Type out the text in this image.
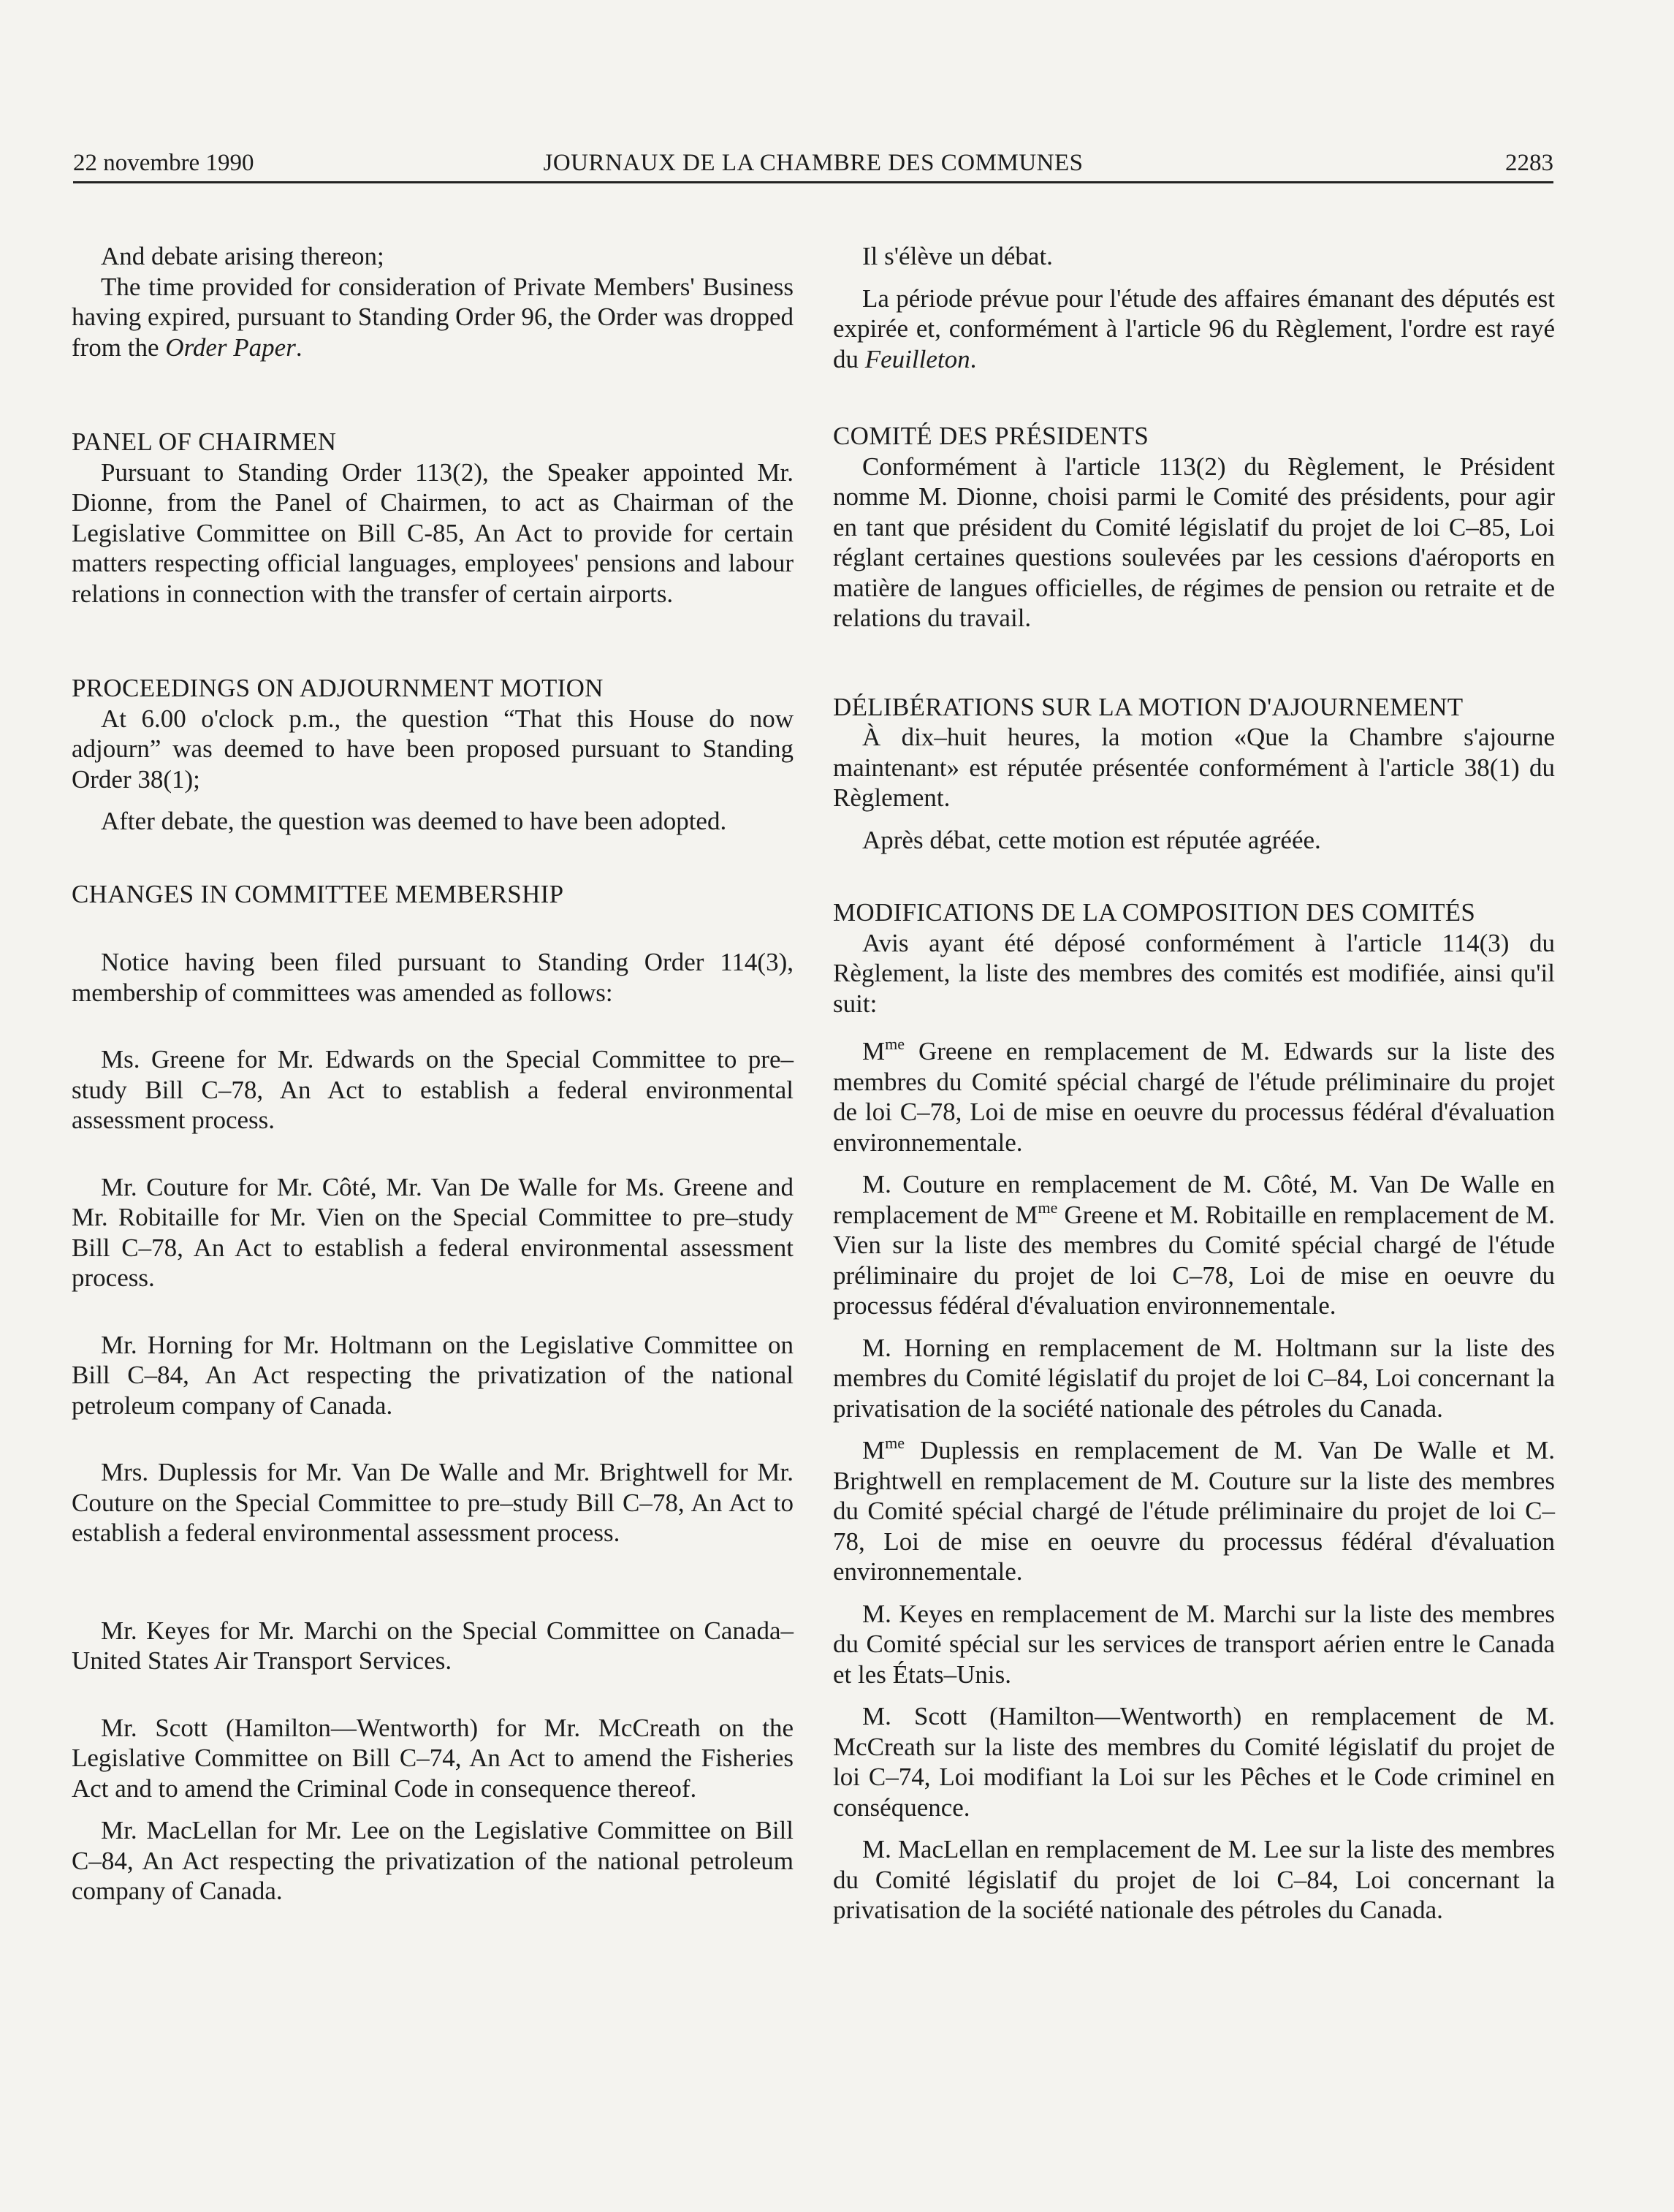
22 novembre 1990	JOURNAUX DE LA CHAMBRE DES COMMUNES	2283

And debate arising thereon;

The time provided for consideration of Private Members' Business having expired, pursuant to Standing Order 96, the Order was dropped from the Order Paper.

PANEL OF CHAIRMEN

Pursuant to Standing Order 113(2), the Speaker appointed Mr. Dionne, from the Panel of Chairmen, to act as Chairman of the Legislative Committee on Bill C-85, An Act to provide for certain matters respecting official languages, employees' pensions and labour relations in connection with the transfer of certain airports.

PROCEEDINGS ON ADJOURNMENT MOTION

At 6.00 o'clock p.m., the question “That this House do now adjourn” was deemed to have been proposed pursuant to Standing Order 38(1);

After debate, the question was deemed to have been adopted.

CHANGES IN COMMITTEE MEMBERSHIP

Notice having been filed pursuant to Standing Order 114(3), membership of committees was amended as follows:

Ms. Greene for Mr. Edwards on the Special Committee to pre–study Bill C–78, An Act to establish a federal environmental assessment process.

Mr. Couture for Mr. Côté, Mr. Van De Walle for Ms. Greene and Mr. Robitaille for Mr. Vien on the Special Committee to pre–study Bill C–78, An Act to establish a federal environmental assessment process.

Mr. Horning for Mr. Holtmann on the Legislative Committee on Bill C–84, An Act respecting the privatization of the national petroleum company of Canada.

Mrs. Duplessis for Mr. Van De Walle and Mr. Brightwell for Mr. Couture on the Special Committee to pre–study Bill C–78, An Act to establish a federal environmental assessment process.

Mr. Keyes for Mr. Marchi on the Special Committee on Canada–United States Air Transport Services.

Mr. Scott (Hamilton—Wentworth) for Mr. McCreath on the Legislative Committee on Bill C–74, An Act to amend the Fisheries Act and to amend the Criminal Code in consequence thereof.

Mr. MacLellan for Mr. Lee on the Legislative Committee on Bill C–84, An Act respecting the privatization of the national petroleum company of Canada.

Il s'élève un débat.

La période prévue pour l'étude des affaires émanant des députés est expirée et, conformément à l'article 96 du Règlement, l'ordre est rayé du Feuilleton.

COMITÉ DES PRÉSIDENTS

Conformément à l'article 113(2) du Règlement, le Président nomme M. Dionne, choisi parmi le Comité des présidents, pour agir en tant que président du Comité législatif du projet de loi C–85, Loi réglant certaines questions soulevées par les cessions d'aéroports en matière de langues officielles, de régimes de pension ou retraite et de relations du travail.

DÉLIBÉRATIONS SUR LA MOTION D'AJOURNEMENT

À dix–huit heures, la motion «Que la Chambre s'ajourne maintenant» est réputée présentée conformément à l'article 38(1) du Règlement.

Après débat, cette motion est réputée agréée.

MODIFICATIONS DE LA COMPOSITION DES COMITÉS

Avis ayant été déposé conformément à l'article 114(3) du Règlement, la liste des membres des comités est modifiée, ainsi qu'il suit:

$M^{me}$ Greene en remplacement de M. Edwards sur la liste des membres du Comité spécial chargé de l'étude préliminaire du projet de loi C–78, Loi de mise en oeuvre du processus fédéral d'évaluation environnementale.

M. Couture en remplacement de M. Côté, M. Van De Walle en remplacement de $M^{me}$ Greene et M. Robitaille en remplacement de M. Vien sur la liste des membres du Comité spécial chargé de l'étude préliminaire du projet de loi C–78, Loi de mise en oeuvre du processus fédéral d'évaluation environnementale.

M. Horning en remplacement de M. Holtmann sur la liste des membres du Comité législatif du projet de loi C–84, Loi concernant la privatisation de la société nationale des pétroles du Canada.

$M^{me}$ Duplessis en remplacement de M. Van De Walle et M. Brightwell en remplacement de M. Couture sur la liste des membres du Comité spécial chargé de l'étude préliminaire du projet de loi C–78, Loi de mise en oeuvre du processus fédéral d'évaluation environnementale.

M. Keyes en remplacement de M. Marchi sur la liste des membres du Comité spécial sur les services de transport aérien entre le Canada et les États–Unis.

M. Scott (Hamilton—Wentworth) en remplacement de M. McCreath sur la liste des membres du Comité législatif du projet de loi C–74, Loi modifiant la Loi sur les Pêches et le Code criminel en conséquence.

M. MacLellan en remplacement de M. Lee sur la liste des membres du Comité législatif du projet de loi C–84, Loi concernant la privatisation de la société nationale des pétroles du Canada.
